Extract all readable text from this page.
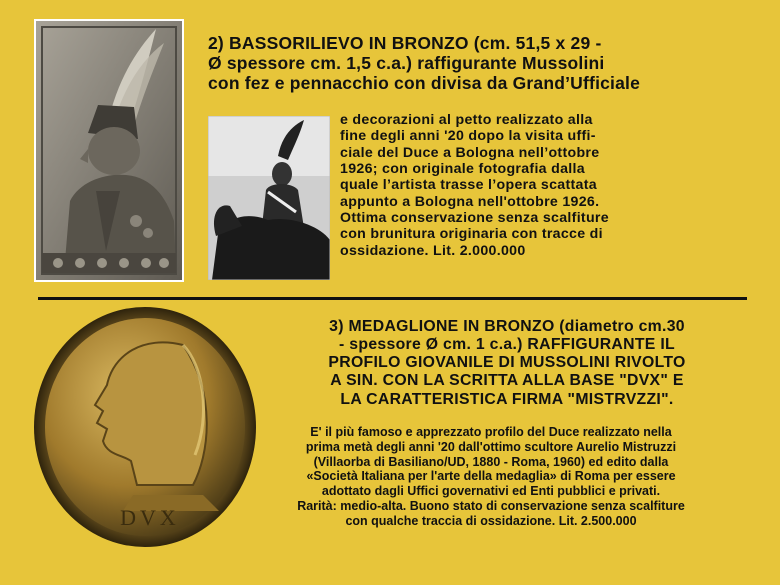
2) BASSORILIEVO IN BRONZO (cm. 51,5 x 29 -
Ø spessore cm. 1,5 c.a.) raffigurante Mussolini
con fez e pennacchio con divisa da Grand’Ufficiale
e decorazioni al petto realizzato alla
fine degli anni '20 dopo la visita uffi-
ciale del Duce a Bologna nell’ottobre
1926; con originale fotografia dalla
quale l’artista trasse l’opera scattata
appunto a Bologna nell'ottobre 1926.
Ottima conservazione senza scalfiture
con brunitura originaria con tracce di
ossidazione. Lit. 2.000.000
DVX
3) MEDAGLIONE IN BRONZO (diametro cm.30
- spessore Ø cm. 1 c.a.) RAFFIGURANTE IL
PROFILO GIOVANILE DI MUSSOLINI RIVOLTO
A SIN. CON LA SCRITTA ALLA BASE "DVX" E
LA CARATTERISTICA FIRMA "MISTRVZZI".
E' il più famoso e apprezzato profilo del Duce realizzato nella
prima metà degli anni '20 dall'ottimo scultore Aurelio Mistruzzi
(Villaorba di Basiliano/UD, 1880 - Roma, 1960) ed edito dalla
«Società Italiana per l'arte della medaglia» di Roma per essere
adottato dagli Uffici governativi ed Enti pubblici e privati.
Rarità: medio-alta. Buono stato di conservazione senza scalfiture
con qualche traccia di ossidazione. Lit. 2.500.000
